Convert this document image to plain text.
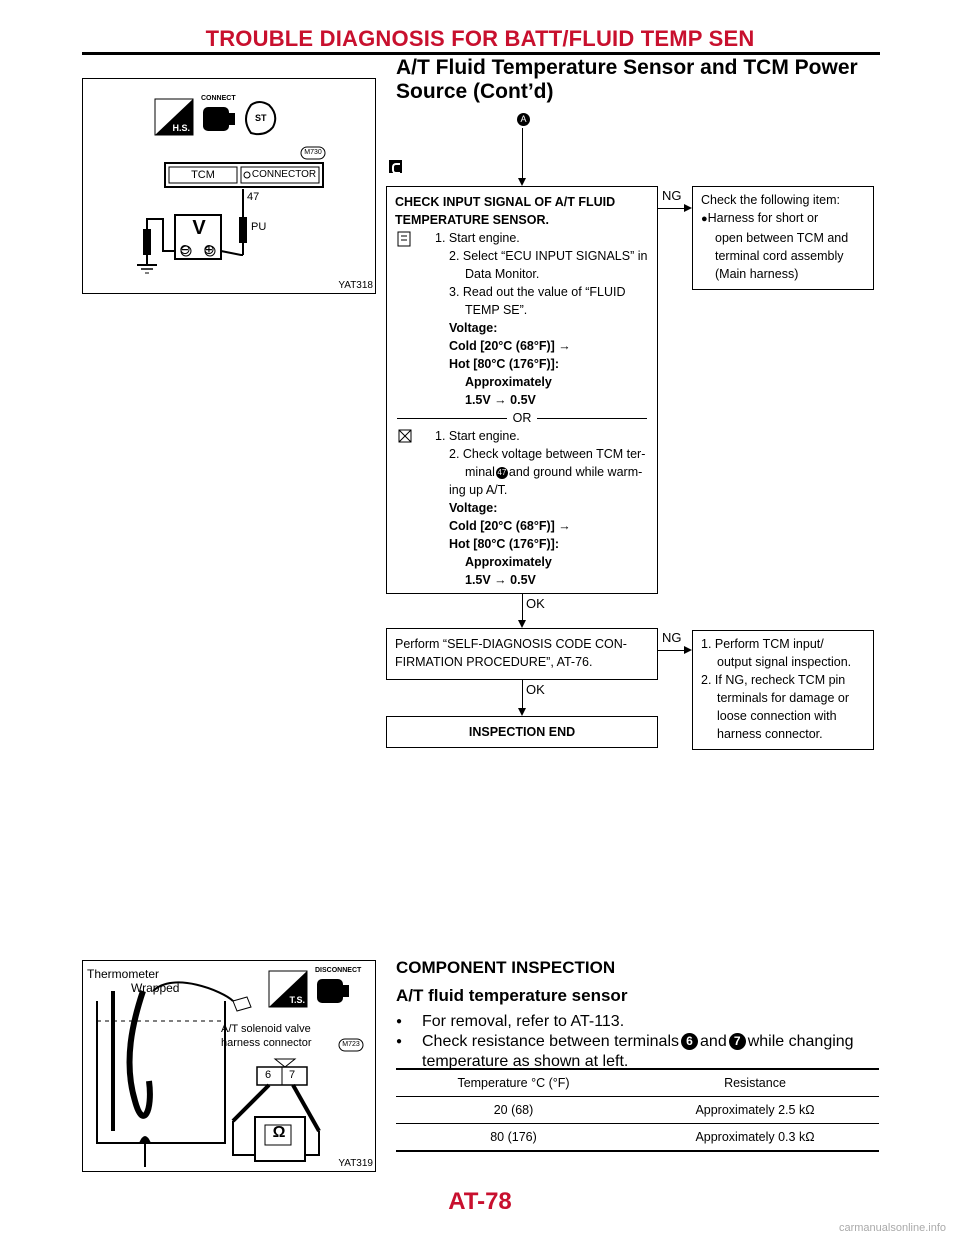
TROUBLE DIAGNOSIS FOR BATT/FLUID TEMP SEN
A/T Fluid Temperature Sensor and TCM Power
Source (Cont’d)
H.S.
CONNECT
ST
M730
TCM	CONNECTOR
47
PU
V
⊖ ⊕
YAT318
A
CHECK INPUT SIGNAL OF A/T FLUID
TEMPERATURE SENSOR.
1. Start engine.
2. Select “ECU INPUT SIGNALS” in
Data Monitor.
3. Read out the value of “FLUID
TEMP SE”.
Voltage:
Cold [20°C (68°F)] →
Hot [80°C (176°F)]:
Approximately
1.5V → 0.5V
OR
1. Start engine.
2. Check voltage between TCM ter-
minal 47 and ground while warm-
ing up A/T.
Voltage:
Cold [20°C (68°F)] →
Hot [80°C (176°F)]:
Approximately
1.5V → 0.5V
NG Check the following item:
●Harness for short or
open between TCM and
terminal cord assembly
(Main harness)
OK
Perform “SELF-DIAGNOSIS CODE CON-
FIRMATION PROCEDURE”, AT-76.
NG 1. Perform TCM input/
output signal inspection.
2. If NG, recheck TCM pin
terminals for damage or
loose connection with
harness connector.
OK
INSPECTION END
Thermometer
Wrapped
A/T solenoid valve
harness connector
DISCONNECT
T.S.
M723
6 7
Ω
YAT319
COMPONENT INSPECTION
A/T fluid temperature sensor
●	For removal, refer to AT-113.
●	Check resistance between terminals 6 and 7 while changing
temperature as shown at left.
Temperature °C (°F)	Resistance
20 (68)	Approximately 2.5 kΩ
80 (176)	Approximately 0.3 kΩ
AT-78
carmanualsonline.info
